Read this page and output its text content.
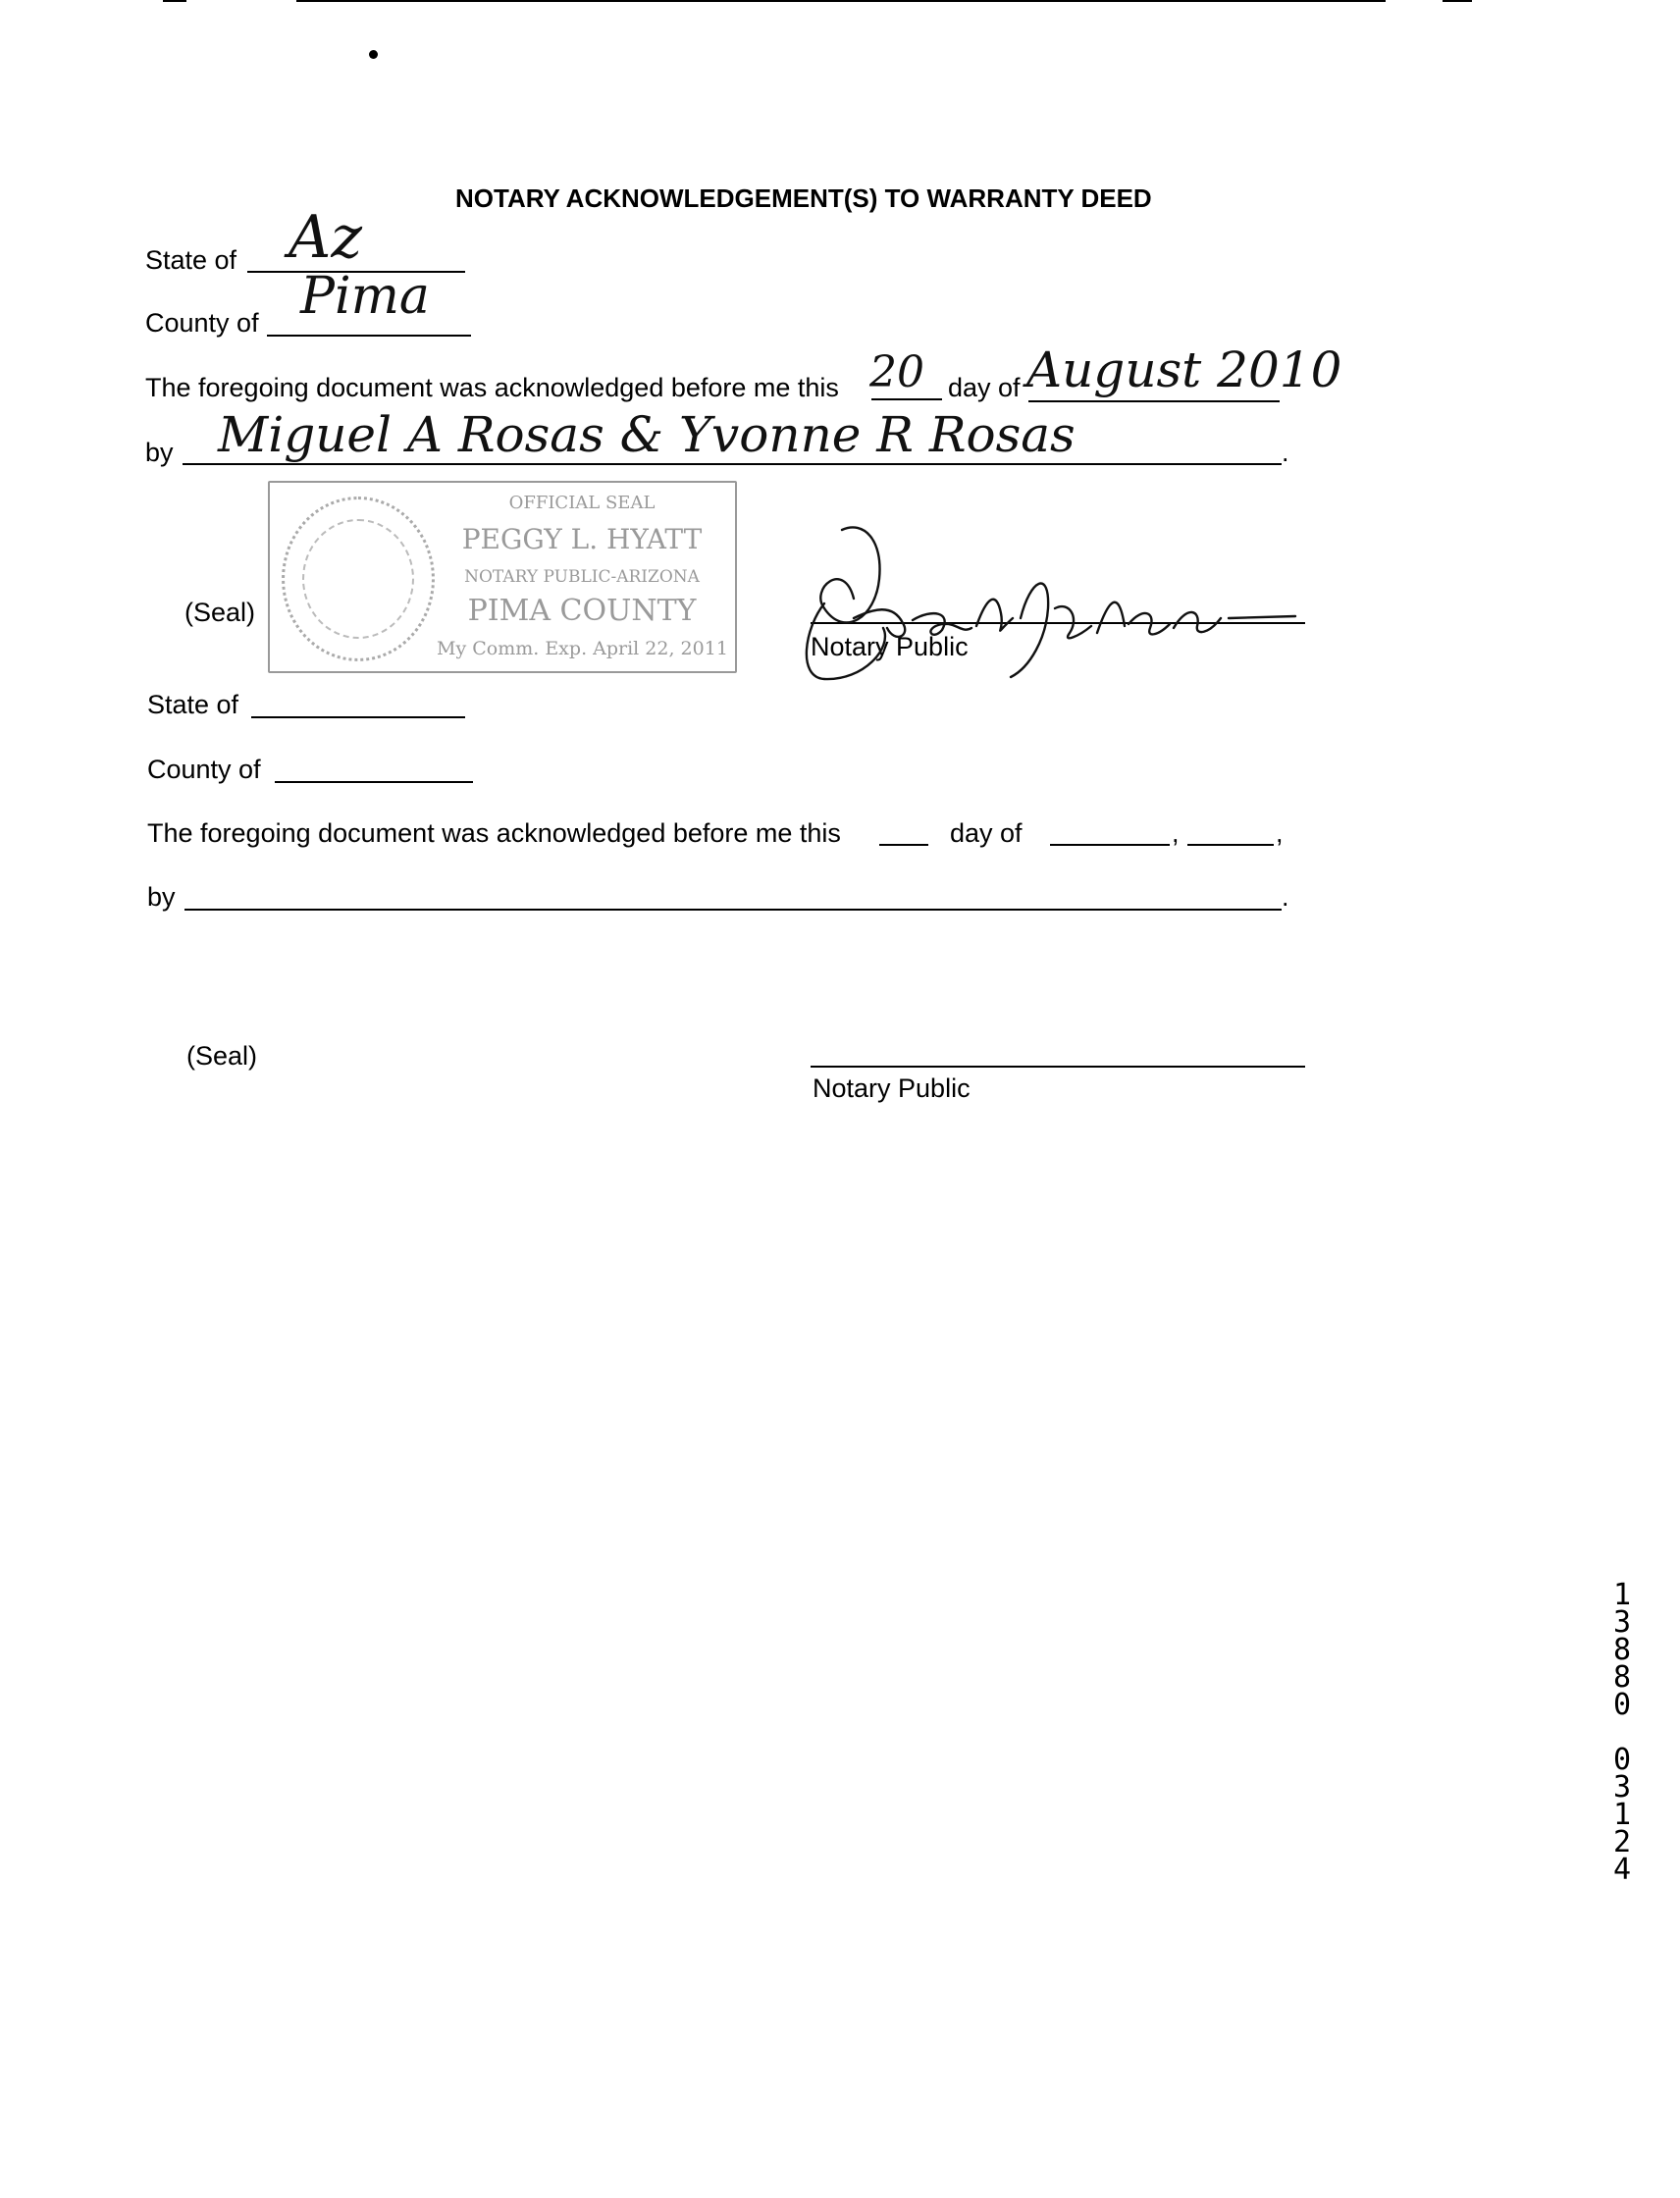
NOTARY ACKNOWLEDGEMENT(S) TO WARRANTY DEED
State of Az
County of Pima
The foregoing document was acknowledged before me this 20 day of August 2010
by	.
Miguel A Rosas & Yvonne R Rosas
OFFICIAL SEAL
PEGGY L. HYATT
NOTARY PUBLIC-ARIZONA
PIMA COUNTY
My Comm. Exp. April 22, 2011
(Seal)
Notary Public
State of
County of
The foregoing document was acknowledged before me this	day of	,	,
by	.
(Seal)
Notary Public
1
3
8
8
0
0
3
1
2
4
